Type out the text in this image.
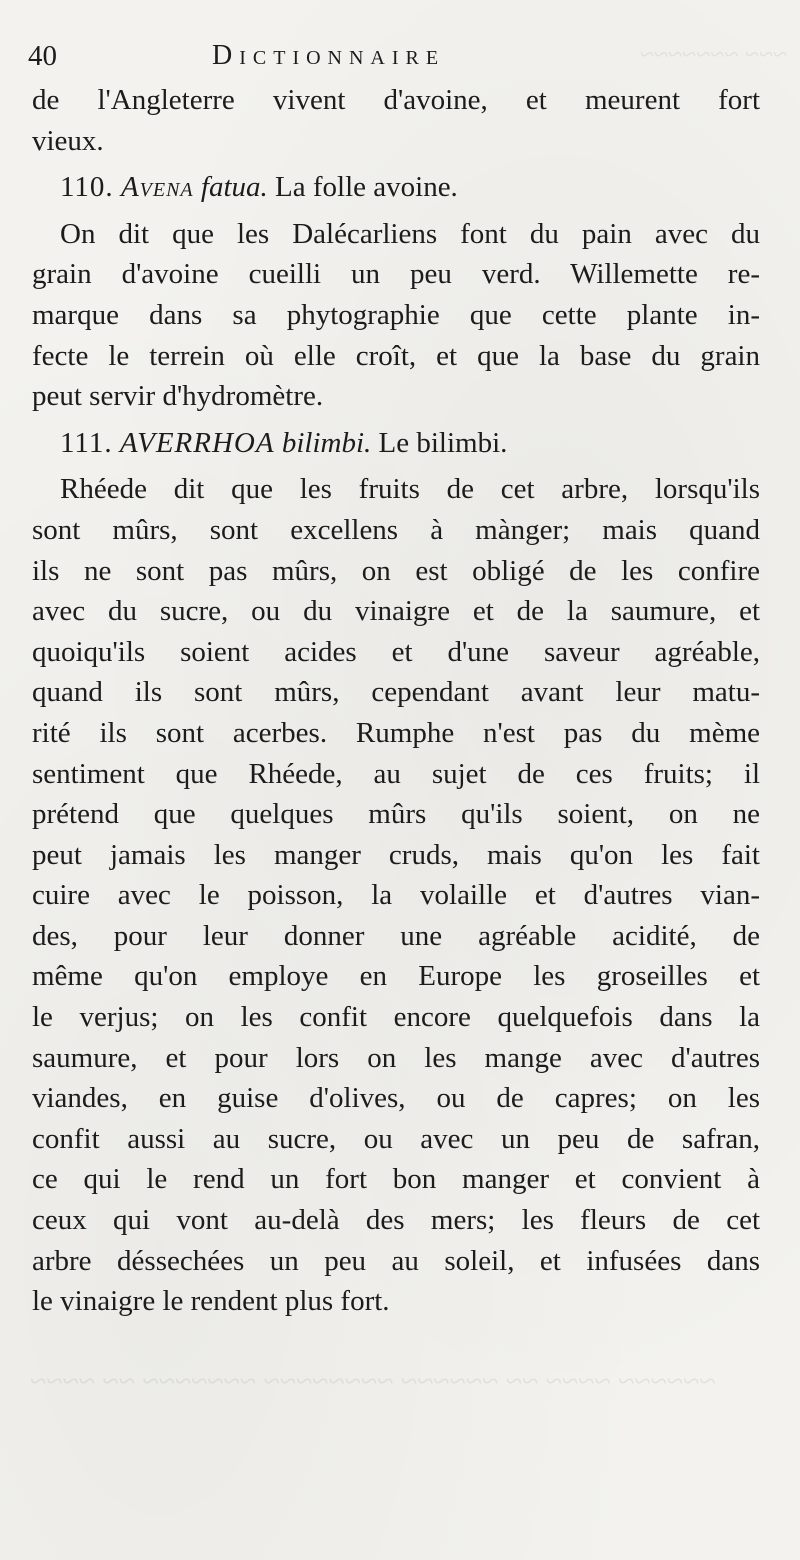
~~~~~~ ~~~~ ~~ ~~~~~~ ~~~~~~~~ ~~~~~~~ ~~ ~~~~
~~~ ~~~~~~~
40	Dictionnaire
de l'Angleterre vivent d'avoine, et meurent fort
vieux.
110. Avena fatua. La folle avoine.
On dit que les Dalécarliens font du pain avec du
grain d'avoine cueilli un peu verd. Willemette re-
marque dans sa phytographie que cette plante in-
fecte le terrein où elle croît, et que la base du grain
peut servir d'hydromètre.
111. AVERRHOA bilimbi. Le bilimbi.
Rhéede dit que les fruits de cet arbre, lorsqu'ils
sont mûrs, sont excellens à mànger; mais quand
ils ne sont pas mûrs, on est obligé de les confire
avec du sucre, ou du vinaigre et de la saumure, et
quoiqu'ils soient acides et d'une saveur agréable,
quand ils sont mûrs, cependant avant leur matu-
rité ils sont acerbes. Rumphe n'est pas du mème
sentiment que Rhéede, au sujet de ces fruits; il
prétend que quelques mûrs qu'ils soient, on ne
peut jamais les manger cruds, mais qu'on les fait
cuire avec le poisson, la volaille et d'autres vian-
des, pour leur donner une agréable acidité, de
même qu'on employe en Europe les groseilles et
le verjus; on les confit encore quelquefois dans la
saumure, et pour lors on les mange avec d'autres
viandes, en guise d'olives, ou de capres; on les
confit aussi au sucre, ou avec un peu de safran,
ce qui le rend un fort bon manger et convient à
ceux qui vont au-delà des mers; les fleurs de cet
arbre déssechées un peu au soleil, et infusées dans
le vinaigre le rendent plus fort.
